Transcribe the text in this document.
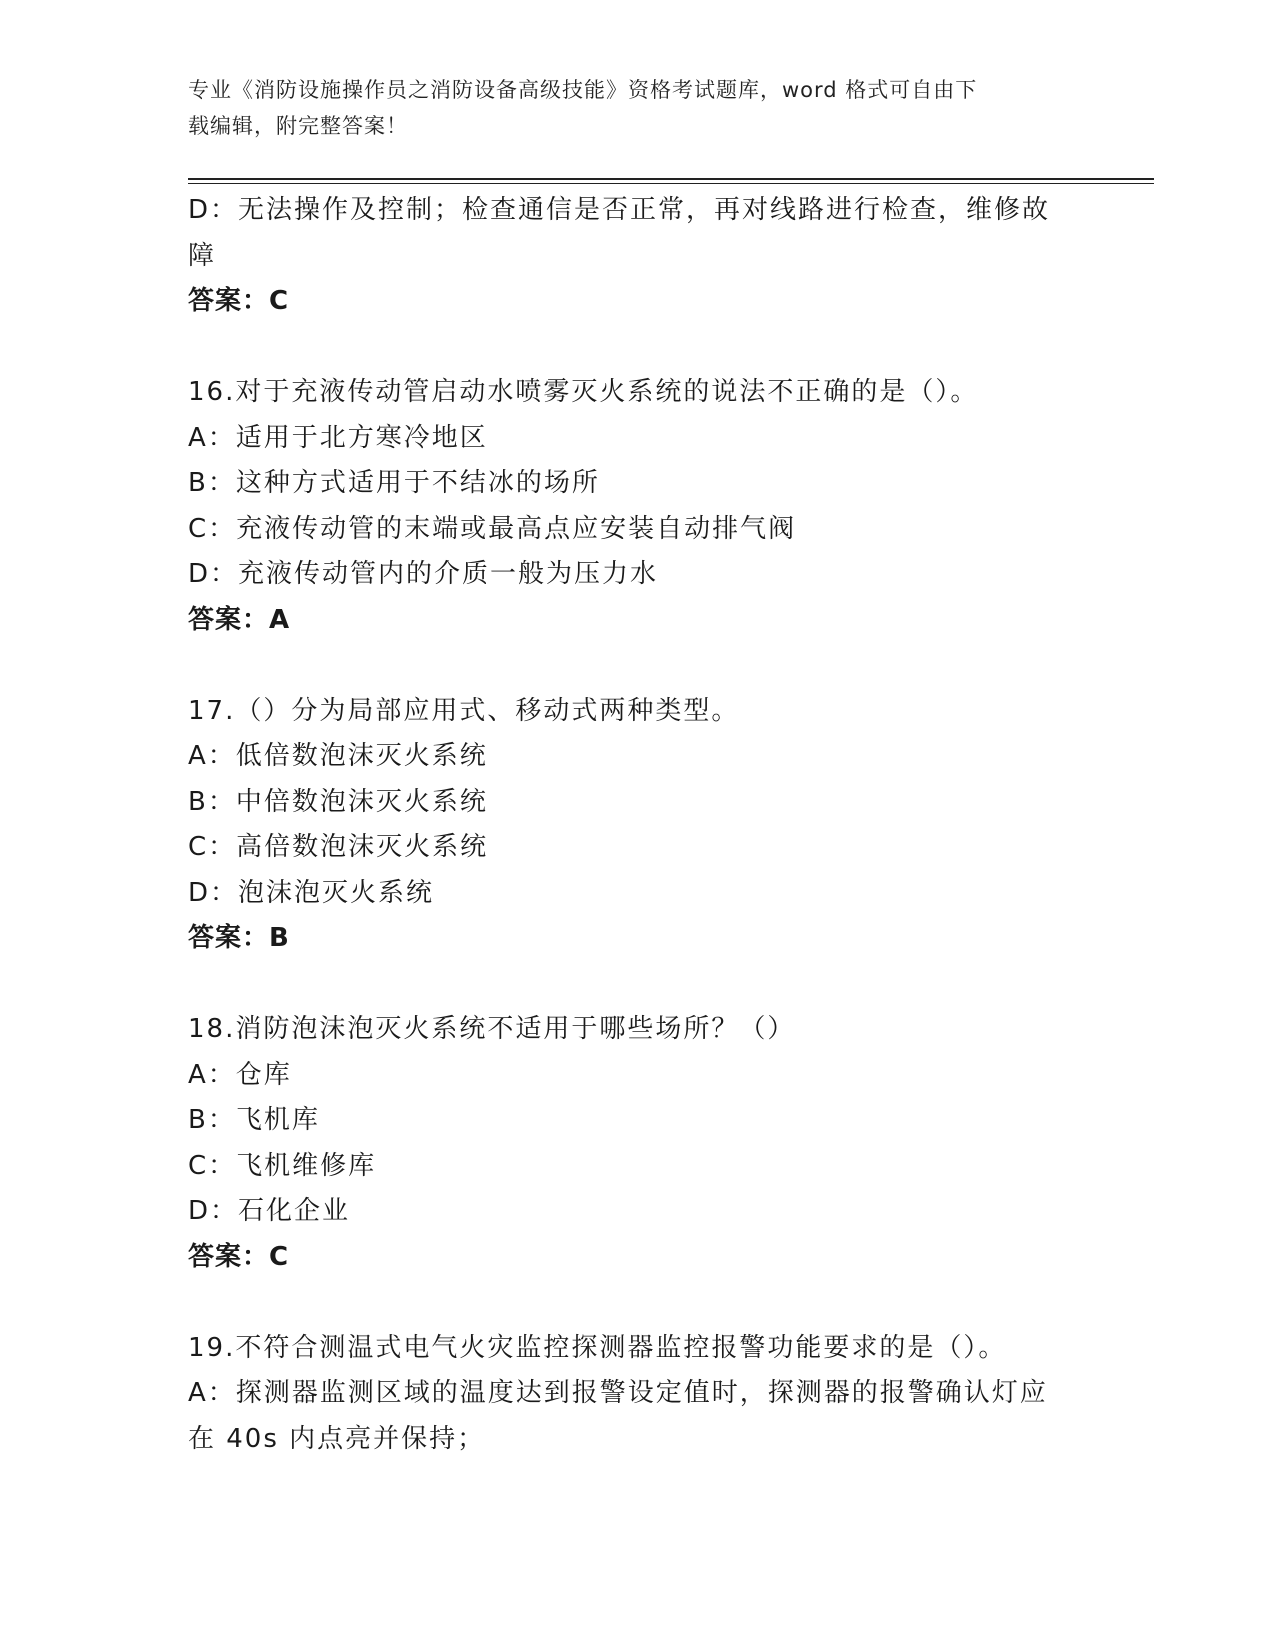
专业《消防设施操作员之消防设备高级技能》资格考试题库，word 格式可自由下
载编辑，附完整答案！
D：无法操作及控制；检查通信是否正常，再对线路进行检查，维修故
障
答案：C
16.对于充液传动管启动水喷雾灭火系统的说法不正确的是（）。
A：适用于北方寒冷地区
B：这种方式适用于不结冰的场所
C：充液传动管的末端或最高点应安装自动排气阀
D：充液传动管内的介质一般为压力水
答案：A
17.（）分为局部应用式、移动式两种类型。
A：低倍数泡沫灭火系统
B：中倍数泡沫灭火系统
C：高倍数泡沫灭火系统
D：泡沫泡灭火系统
答案：B
18.消防泡沫泡灭火系统不适用于哪些场所？（）
A：仓库
B：飞机库
C：飞机维修库
D：石化企业
答案：C
19.不符合测温式电气火灾监控探测器监控报警功能要求的是（）。
A：探测器监测区域的温度达到报警设定值时，探测器的报警确认灯应
在 40s 内点亮并保持；
